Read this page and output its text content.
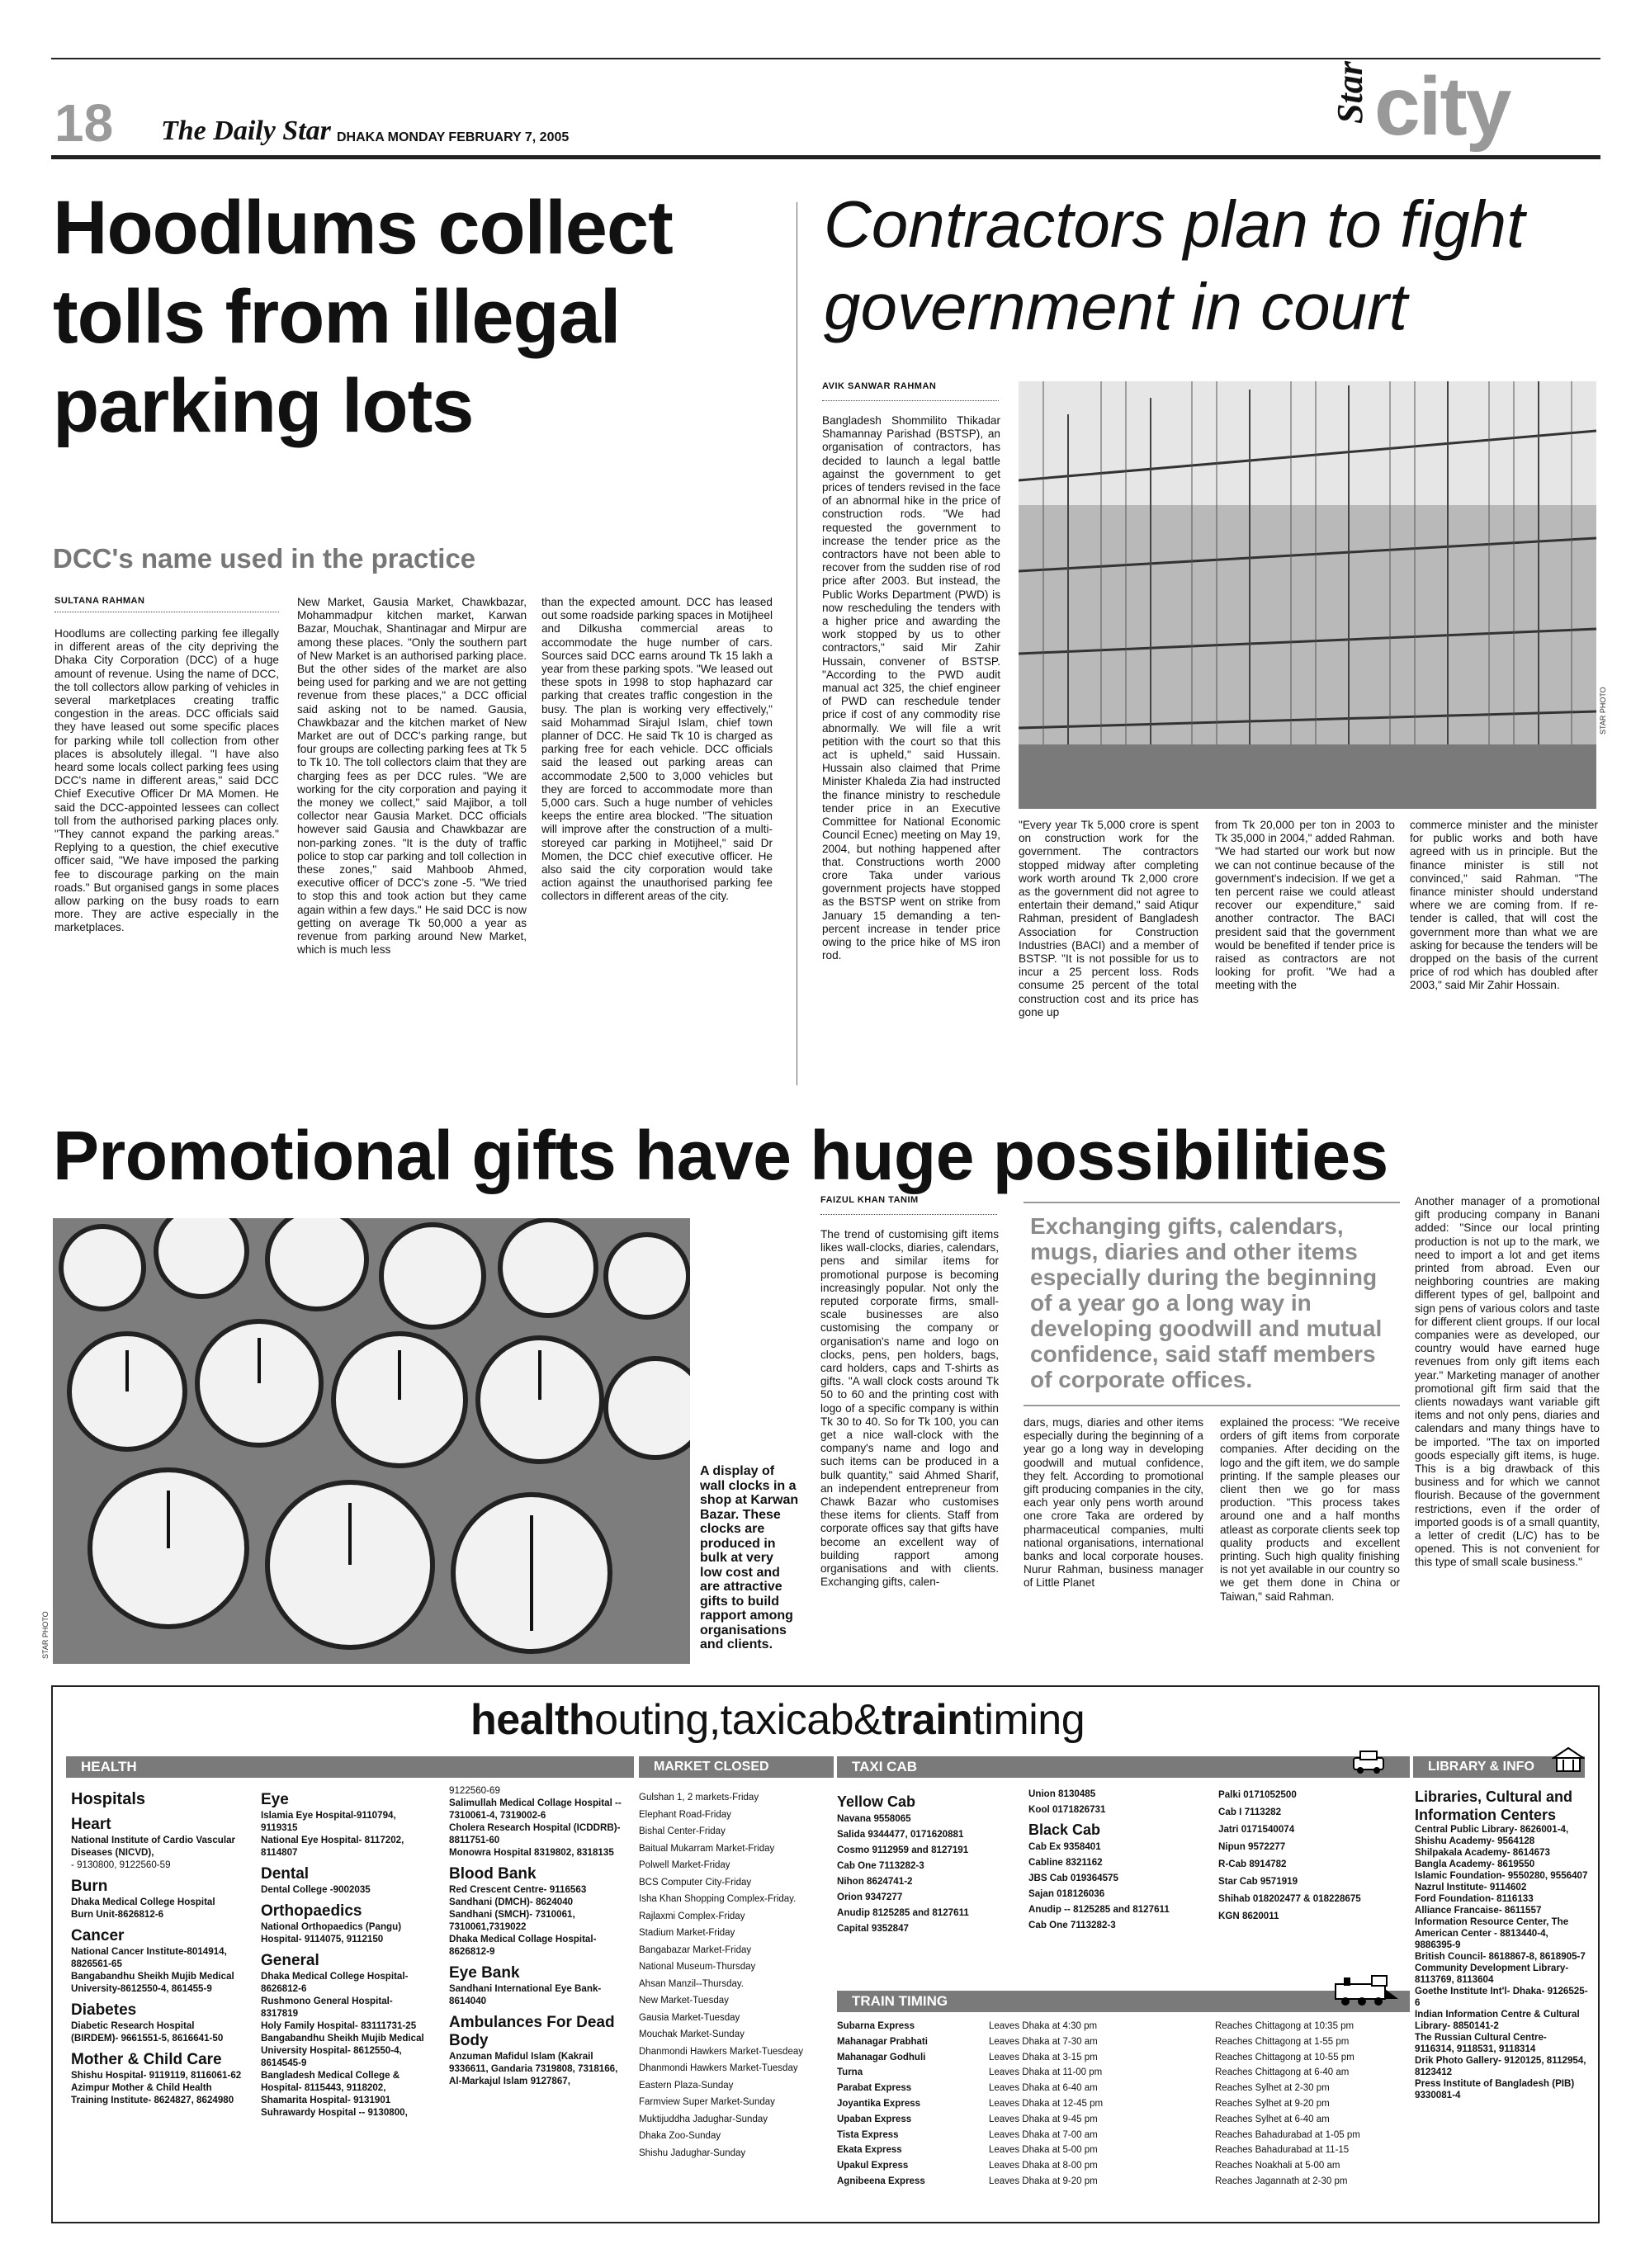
18 The Daily Star DHAKA MONDAY FEBRUARY 7, 2005
Star city
Hoodlums collect tolls from illegal parking lots
DCC's name used in the practice
SULTANA RAHMAN
Hoodlums are collecting parking fee illegally in different areas of the city depriving the Dhaka City Corporation (DCC) of a huge amount of revenue. Using the name of DCC, the toll collectors allow parking of vehicles in several marketplaces creating traffic congestion in the areas. DCC officials said they have leased out some specific places for parking while toll collection from other places is absolutely illegal. "I have also heard some locals collect parking fees using DCC's name in different areas," said DCC Chief Executive Officer Dr MA Momen. He said the DCC-appointed lessees can collect toll from the authorised parking places only. "They cannot expand the parking areas." Replying to a question, the chief executive officer said, "We have imposed the parking fee to discourage parking on the main roads." But organised gangs in some places allow parking on the busy roads to earn more. They are active especially in the marketplaces.
New Market, Gausia Market, Chawkbazar, Mohammadpur kitchen market, Karwan Bazar, Mouchak, Shantinagar and Mirpur are among these places. "Only the southern part of New Market is an authorised parking place. But the other sides of the market are also being used for parking and we are not getting revenue from these places," a DCC official said asking not to be named. Gausia, Chawkbazar and the kitchen market of New Market are out of DCC's parking range, but four groups are collecting parking fees at Tk 5 to Tk 10. The toll collectors claim that they are charging fees as per DCC rules. "We are working for the city corporation and paying it the money we collect," said Majibor, a toll collector near Gausia Market. DCC officials however said Gausia and Chawkbazar are non-parking zones. "It is the duty of traffic police to stop car parking and toll collection in these zones," said Mahboob Ahmed, executive officer of DCC's zone -5. "We tried to stop this and took action but they came again within a few days." He said DCC is now getting on average Tk 50,000 a year as revenue from parking around New Market, which is much less
than the expected amount. DCC has leased out some roadside parking spaces in Motijheel and Dilkusha commercial areas to accommodate the huge number of cars. Sources said DCC earns around Tk 15 lakh a year from these parking spots. "We leased out these spots in 1998 to stop haphazard car parking that creates traffic congestion in the busy. The plan is working very effectively," said Mohammad Sirajul Islam, chief town planner of DCC. He said Tk 10 is charged as parking free for each vehicle. DCC officials said the leased out parking areas can accommodate 2,500 to 3,000 vehicles but they are forced to accommodate more than 5,000 cars. Such a huge number of vehicles keeps the entire area blocked. "The situation will improve after the construction of a multi-storeyed car parking in Motijheel," said Dr Momen, the DCC chief executive officer. He also said the city corporation would take action against the unauthorised parking fee collectors in different areas of the city.
Contractors plan to fight government in court
AVIK SANWAR RAHMAN
Bangladesh Shommilito Thikadar Shamannay Parishad (BSTSP), an organisation of contractors, has decided to launch a legal battle against the government to get prices of tenders revised in the face of an abnormal hike in the price of construction rods. "We had requested the government to increase the tender price as the contractors have not been able to recover from the sudden rise of rod price after 2003. But instead, the Public Works Department (PWD) is now rescheduling the tenders with a higher price and awarding the work stopped by us to other contractors," said Mir Zahir Hussain, convener of BSTSP. "According to the PWD audit manual act 325, the chief engineer of PWD can reschedule tender price if cost of any commodity rise abnormally. We will file a writ petition with the court so that this act is upheld," said Hussain. Hussain also claimed that Prime Minister Khaleda Zia had instructed the finance ministry to reschedule tender price in an Executive Committee for National Economic Council Ecnec) meeting on May 19, 2004, but nothing happened after that. Constructions worth 2000 crore Taka under various government projects have stopped as the BSTSP went on strike from January 15 demanding a ten-percent increase in tender price owing to the price hike of MS iron rod.
STAR PHOTO
"Every year Tk 5,000 crore is spent on construction work for the government. The contractors stopped midway after completing work worth around Tk 2,000 crore as the government did not agree to entertain their demand," said Atiqur Rahman, president of Bangladesh Association for Construction Industries (BACI) and a member of BSTSP. "It is not possible for us to incur a 25 percent loss. Rods consume 25 percent of the total construction cost and its price has gone up
from Tk 20,000 per ton in 2003 to Tk 35,000 in 2004," added Rahman. "We had started our work but now we can not continue because of the government's indecision. If we get a ten percent raise we could atleast recover our expenditure," said another contractor. The BACI president said that the government would be benefited if tender price is raised as contractors are not looking for profit. "We had a meeting with the
commerce minister and the minister for public works and both have agreed with us in principle. But the finance minister is still not convinced," said Rahman. "The finance minister should understand where we are coming from. If re-tender is called, that will cost the government more than what we are asking for because the tenders will be dropped on the basis of the current price of rod which has doubled after 2003," said Mir Zahir Hossain.
Promotional gifts have huge possibilities
STAR PHOTO
A display of wall clocks in a shop at Karwan Bazar. These clocks are produced in bulk at very low cost and are attractive gifts to build rapport among organisations and clients.
FAIZUL KHAN TANIM
The trend of customising gift items likes wall-clocks, diaries, calendars, pens and similar items for promotional purpose is becoming increasingly popular. Not only the reputed corporate firms, small-scale businesses are also customising the company or organisation's name and logo on clocks, pens, pen holders, bags, card holders, caps and T-shirts as gifts. "A wall clock costs around Tk 50 to 60 and the printing cost with logo of a specific company is within Tk 30 to 40. So for Tk 100, you can get a nice wall-clock with the company's name and logo and such items can be produced in a bulk quantity," said Ahmed Sharif, an independent entrepreneur from Chawk Bazar who customises these items for clients. Staff from corporate offices say that gifts have become an excellent way of building rapport among organisations and with clients. Exchanging gifts, calen-
Exchanging gifts, calendars, mugs, diaries and other items especially during the beginning of a year go a long way in developing goodwill and mutual confidence, said staff members of corporate offices.
dars, mugs, diaries and other items especially during the beginning of a year go a long way in developing goodwill and mutual confidence, they felt. According to promotional gift producing companies in the city, each year only pens worth around one crore Taka are ordered by pharmaceutical companies, multi national organisations, international banks and local corporate houses. Nurur Rahman, business manager of Little Planet
explained the process: "We receive orders of gift items from corporate companies. After deciding on the logo and the gift item, we do sample printing. If the sample pleases our client then we go for mass production. "This process takes around one and a half months atleast as corporate clients seek top quality products and excellent printing. Such high quality finishing is not yet available in our country so we get them done in China or Taiwan," said Rahman.
Another manager of a promotional gift producing company in Banani added: "Since our local printing production is not up to the mark, we need to import a lot and get items printed from abroad. Even our neighboring countries are making different types of gel, ballpoint and sign pens of various colors and taste for different client groups. If our local companies were as developed, our country would have earned huge revenues from only gift items each year." Marketing manager of another promotional gift firm said that the clients nowadays want variable gift items and not only pens, diaries and calendars and many things have to be imported. "The tax on imported goods especially gift items, is huge. This is a big drawback of this business and for which we cannot flourish. Because of the government restrictions, even if the order of imported goods is of a small quantity, a letter of credit (L/C) has to be opened. This is not convenient for this type of small scale business."
healthouting,taxicab&traintiming
HEALTH	MARKET CLOSED	TAXI CAB	LIBRARY & INFO
Hospitals
Heart
National Institute of Cardio Vascular Diseases (NICVD),
- 9130800, 9122560-59
Burn
Dhaka Medical College Hospital
Burn Unit-8626812-6
Cancer
National Cancer Institute-8014914, 8826561-65
Bangabandhu Sheikh Mujib Medical University-8612550-4, 861455-9
Diabetes
Diabetic Research Hospital (BIRDEM)- 9661551-5, 8616641-50
Mother & Child Care
Shishu Hospital- 9119119, 8116061-62
Azimpur Mother & Child Health Training Institute- 8624827, 8624980
Eye
Islamia Eye Hospital-9110794, 9119315
National Eye Hospital- 8117202, 8114807
Dental
Dental College -9002035
Orthopaedics
National Orthopaedics (Pangu) Hospital- 9114075, 9112150
General
Dhaka Medical College Hospital- 8626812-6
Rushmono General Hospital- 8317819
Holy Family Hospital- 83111731-25
Bangabandhu Sheikh Mujib Medical University Hospital- 8612550-4, 8614545-9
Bangladesh Medical College & Hospital- 8115443, 9118202, Shamarita Hospital- 9131901
Suhrawardy Hospital -- 9130800,
9122560-69
Salimullah Medical Collage Hospital -- 7310061-4, 7319002-6
Cholera Research Hospital (ICDDRB)- 8811751-60
Monowra Hospital 8319802, 8318135
Blood Bank
Red Crescent Centre- 9116563
Sandhani (DMCH)- 8624040
Sandhani (SMCH)- 7310061, 7310061,7319022
Dhaka Medical Collage Hospital- 8626812-9
Eye Bank
Sandhani International Eye Bank- 8614040
Ambulances For Dead Body
Anzuman Mafidul Islam (Kakrail 9336611, Gandaria 7319808, 7318166,
Al-Markajul Islam 9127867,
Gulshan 1, 2 markets-Friday
Elephant Road-Friday
Bishal Center-Friday
Baitual Mukarram Market-Friday
Polwell Market-Friday
BCS Computer City-Friday
Isha Khan Shopping Complex-Friday.
Rajlaxmi Complex-Friday
Stadium Market-Friday
Bangabazar Market-Friday
National Museum-Thursday
Ahsan Manzil--Thursday.
New Market-Tuesday
Gausia Market-Tuesday
Mouchak Market-Sunday
Dhanmondi Hawkers Market-Tuesdeay
Dhanmondi Hawkers Market-Tuesday
Eastern Plaza-Sunday
Farmview Super Market-Sunday
Muktijuddha Jadughar-Sunday
Dhaka Zoo-Sunday
Shishu Jadughar-Sunday
Yellow Cab
Navana 9558065
Salida 9344477, 0171620881
Cosmo 9112959 and 8127191
Cab One 7113282-3
Nihon 8624741-2
Orion 9347277
Anudip 8125285 and 8127611
Capital 9352847
Union 8130485
Kool 0171826731
Black Cab
Cab Ex 9358401
Cabline 8321162
JBS Cab 019364575
Sajan 018126036
Anudip -- 8125285 and 8127611
Cab One 7113282-3
Palki 0171052500
Cab I 7113282
Jatri 0171540074
Nipun 9572277
R-Cab 8914782
Star Cab 9571919
Shihab 018202477 & 018228675
KGN 8620011
TRAIN TIMING
Subarna Express	Leaves Dhaka at 4:30 pm	Reaches Chittagong at 10:35 pm
Mahanagar Prabhati	Leaves Dhaka at 7-30 am	Reaches Chittagong at 1-55 pm
Mahanagar Godhuli	Leaves Dhaka at 3-15 pm	Reaches Chittagong at 10-55 pm
Turna	Leaves Dhaka at 11-00 pm	Reaches Chittagong at 6-40 am
Parabat Express	Leaves Dhaka at 6-40 am	Reaches Sylhet at 2-30 pm
Joyantika Express	Leaves Dhaka at 12-45 pm	Reaches Sylhet at 9-20 pm
Upaban Express	Leaves Dhaka at 9-45 pm	Reaches Sylhet at 6-40 am
Tista Express	Leaves Dhaka at 7-00 am	Reaches Bahadurabad at 1-05 pm
Ekata Express	Leaves Dhaka at 5-00 pm	Reaches Bahadurabad at 11-15
Upakul Express	Leaves Dhaka at 8-00 pm	Reaches Noakhali at 5-00 am
Agnibeena Express	Leaves Dhaka at 9-20 pm	Reaches Jagannath at 2-30 pm
Libraries, Cultural and Information Centers
Central Public Library- 8626001-4,
Shishu Academy- 9564128
Shilpakala Academy- 8614673
Bangla Academy- 8619550
Islamic Foundation- 9550280, 9556407
Nazrul Institute- 9114602
Ford Foundation- 8116133
Alliance Francaise- 8611557
Information Resource Center, The American Center - 8813440-4, 9886395-9
British Council- 8618867-8, 8618905-7
Community Development Library- 8113769, 8113604
Goethe Institute Int'l- Dhaka- 9126525-6
Indian Information Centre & Cultural Library- 8850141-2
The Russian Cultural Centre- 9116314, 9118531, 9118314
Drik Photo Gallery- 9120125, 8112954, 8123412
Press Institute of Bangladesh (PIB) 9330081-4
